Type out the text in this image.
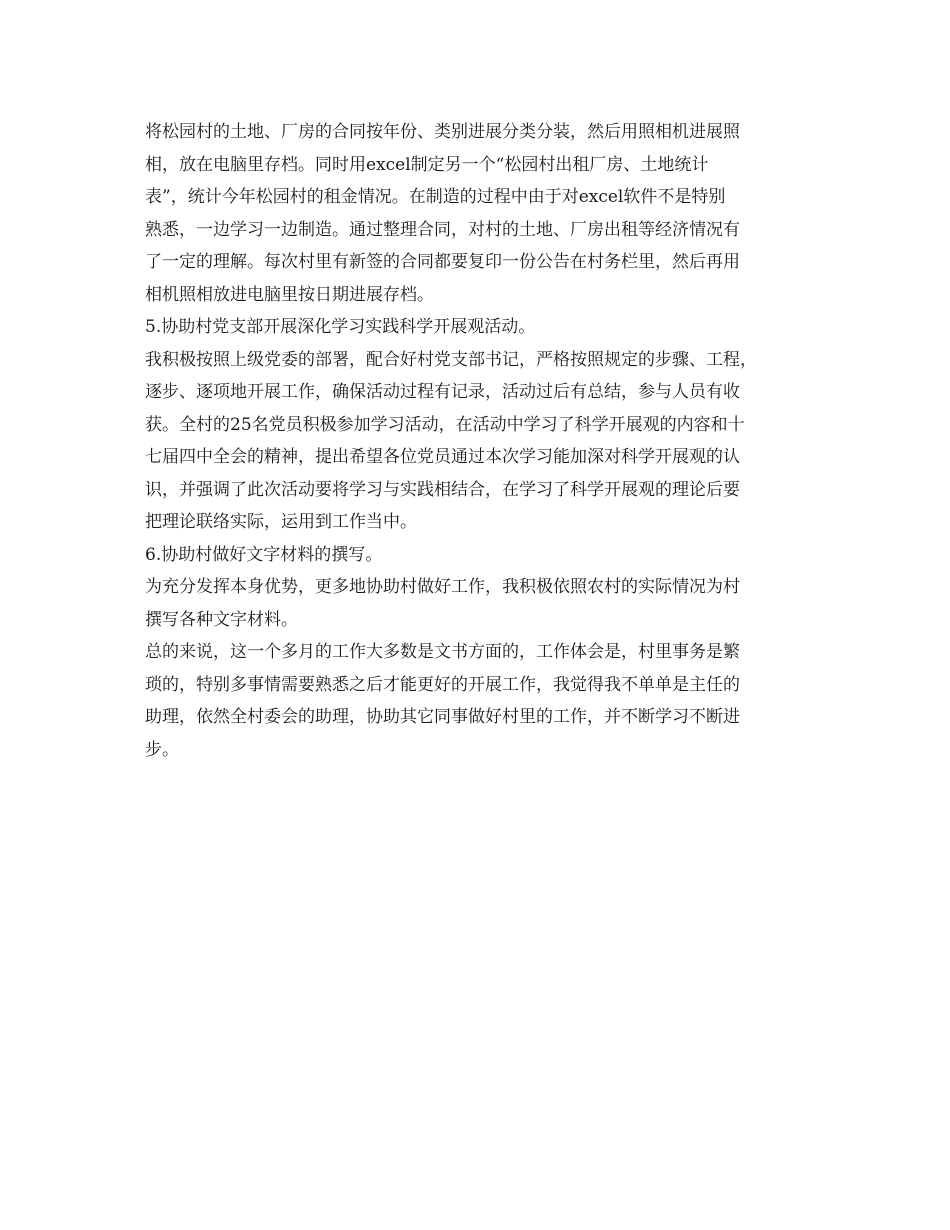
将松园村的土地、厂房的合同按年份、类别进展分类分装，然后用照相机进展照
相，放在电脑里存档。同时用excel制定另一个“松园村出租厂房、土地统计
表”，统计今年松园村的租金情况。在制造的过程中由于对excel软件不是特别
熟悉，一边学习一边制造。通过整理合同，对村的土地、厂房出租等经济情况有
了一定的理解。每次村里有新签的合同都要复印一份公告在村务栏里，然后再用
相机照相放进电脑里按日期进展存档。
5.协助村党支部开展深化学习实践科学开展观活动。
我积极按照上级党委的部署，配合好村党支部书记，严格按照规定的步骤、工程，
逐步、逐项地开展工作，确保活动过程有记录，活动过后有总结，参与人员有收
获。全村的25名党员积极参加学习活动，在活动中学习了科学开展观的内容和十
七届四中全会的精神，提出希望各位党员通过本次学习能加深对科学开展观的认
识，并强调了此次活动要将学习与实践相结合，在学习了科学开展观的理论后要
把理论联络实际，运用到工作当中。
6.协助村做好文字材料的撰写。
为充分发挥本身优势，更多地协助村做好工作，我积极依照农村的实际情况为村
撰写各种文字材料。
总的来说，这一个多月的工作大多数是文书方面的，工作体会是，村里事务是繁
琐的，特别多事情需要熟悉之后才能更好的开展工作，我觉得我不单单是主任的
助理，依然全村委会的助理，协助其它同事做好村里的工作，并不断学习不断进
步。
